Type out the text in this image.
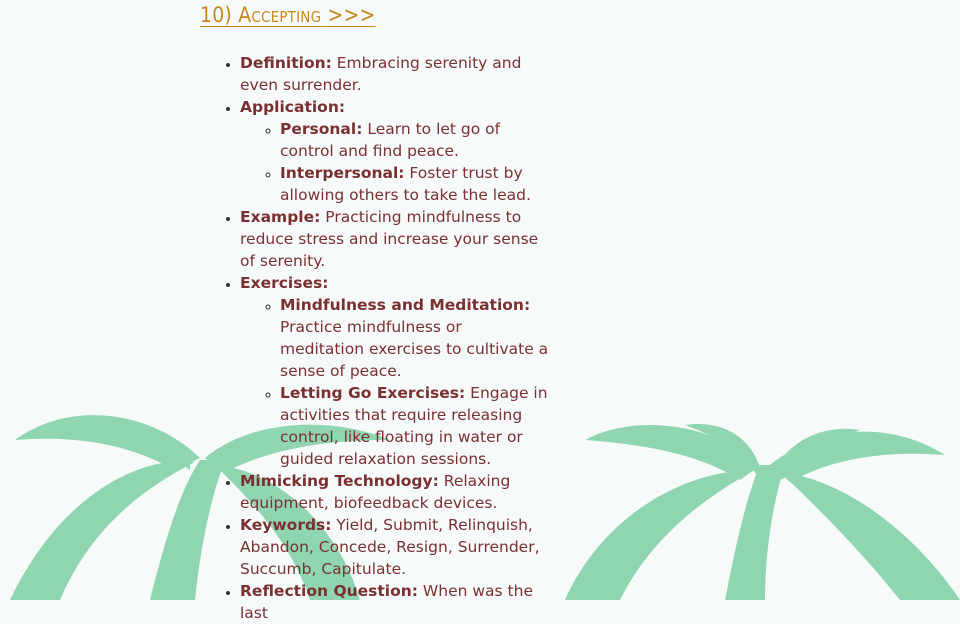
10) Accepting >>>
• Definition: Embracing serenity and even surrender.
• Application:
◦ Personal: Learn to let go of control and find peace.
◦ Interpersonal: Foster trust by allowing others to take the lead.
• Example: Practicing mindfulness to reduce stress and increase your sense of serenity.
• Exercises:
◦ Mindfulness and Meditation: Practice mindfulness or meditation exercises to cultivate a sense of peace.
◦ Letting Go Exercises: Engage in activities that require releasing control, like floating in water or guided relaxation sessions.
• Mimicking Technology: Relaxing equipment, biofeedback devices.
• Keywords: Yield, Submit, Relinquish, Abandon, Concede, Resign, Surrender, Succumb, Capitulate.
• Reflection Question: When was the last
